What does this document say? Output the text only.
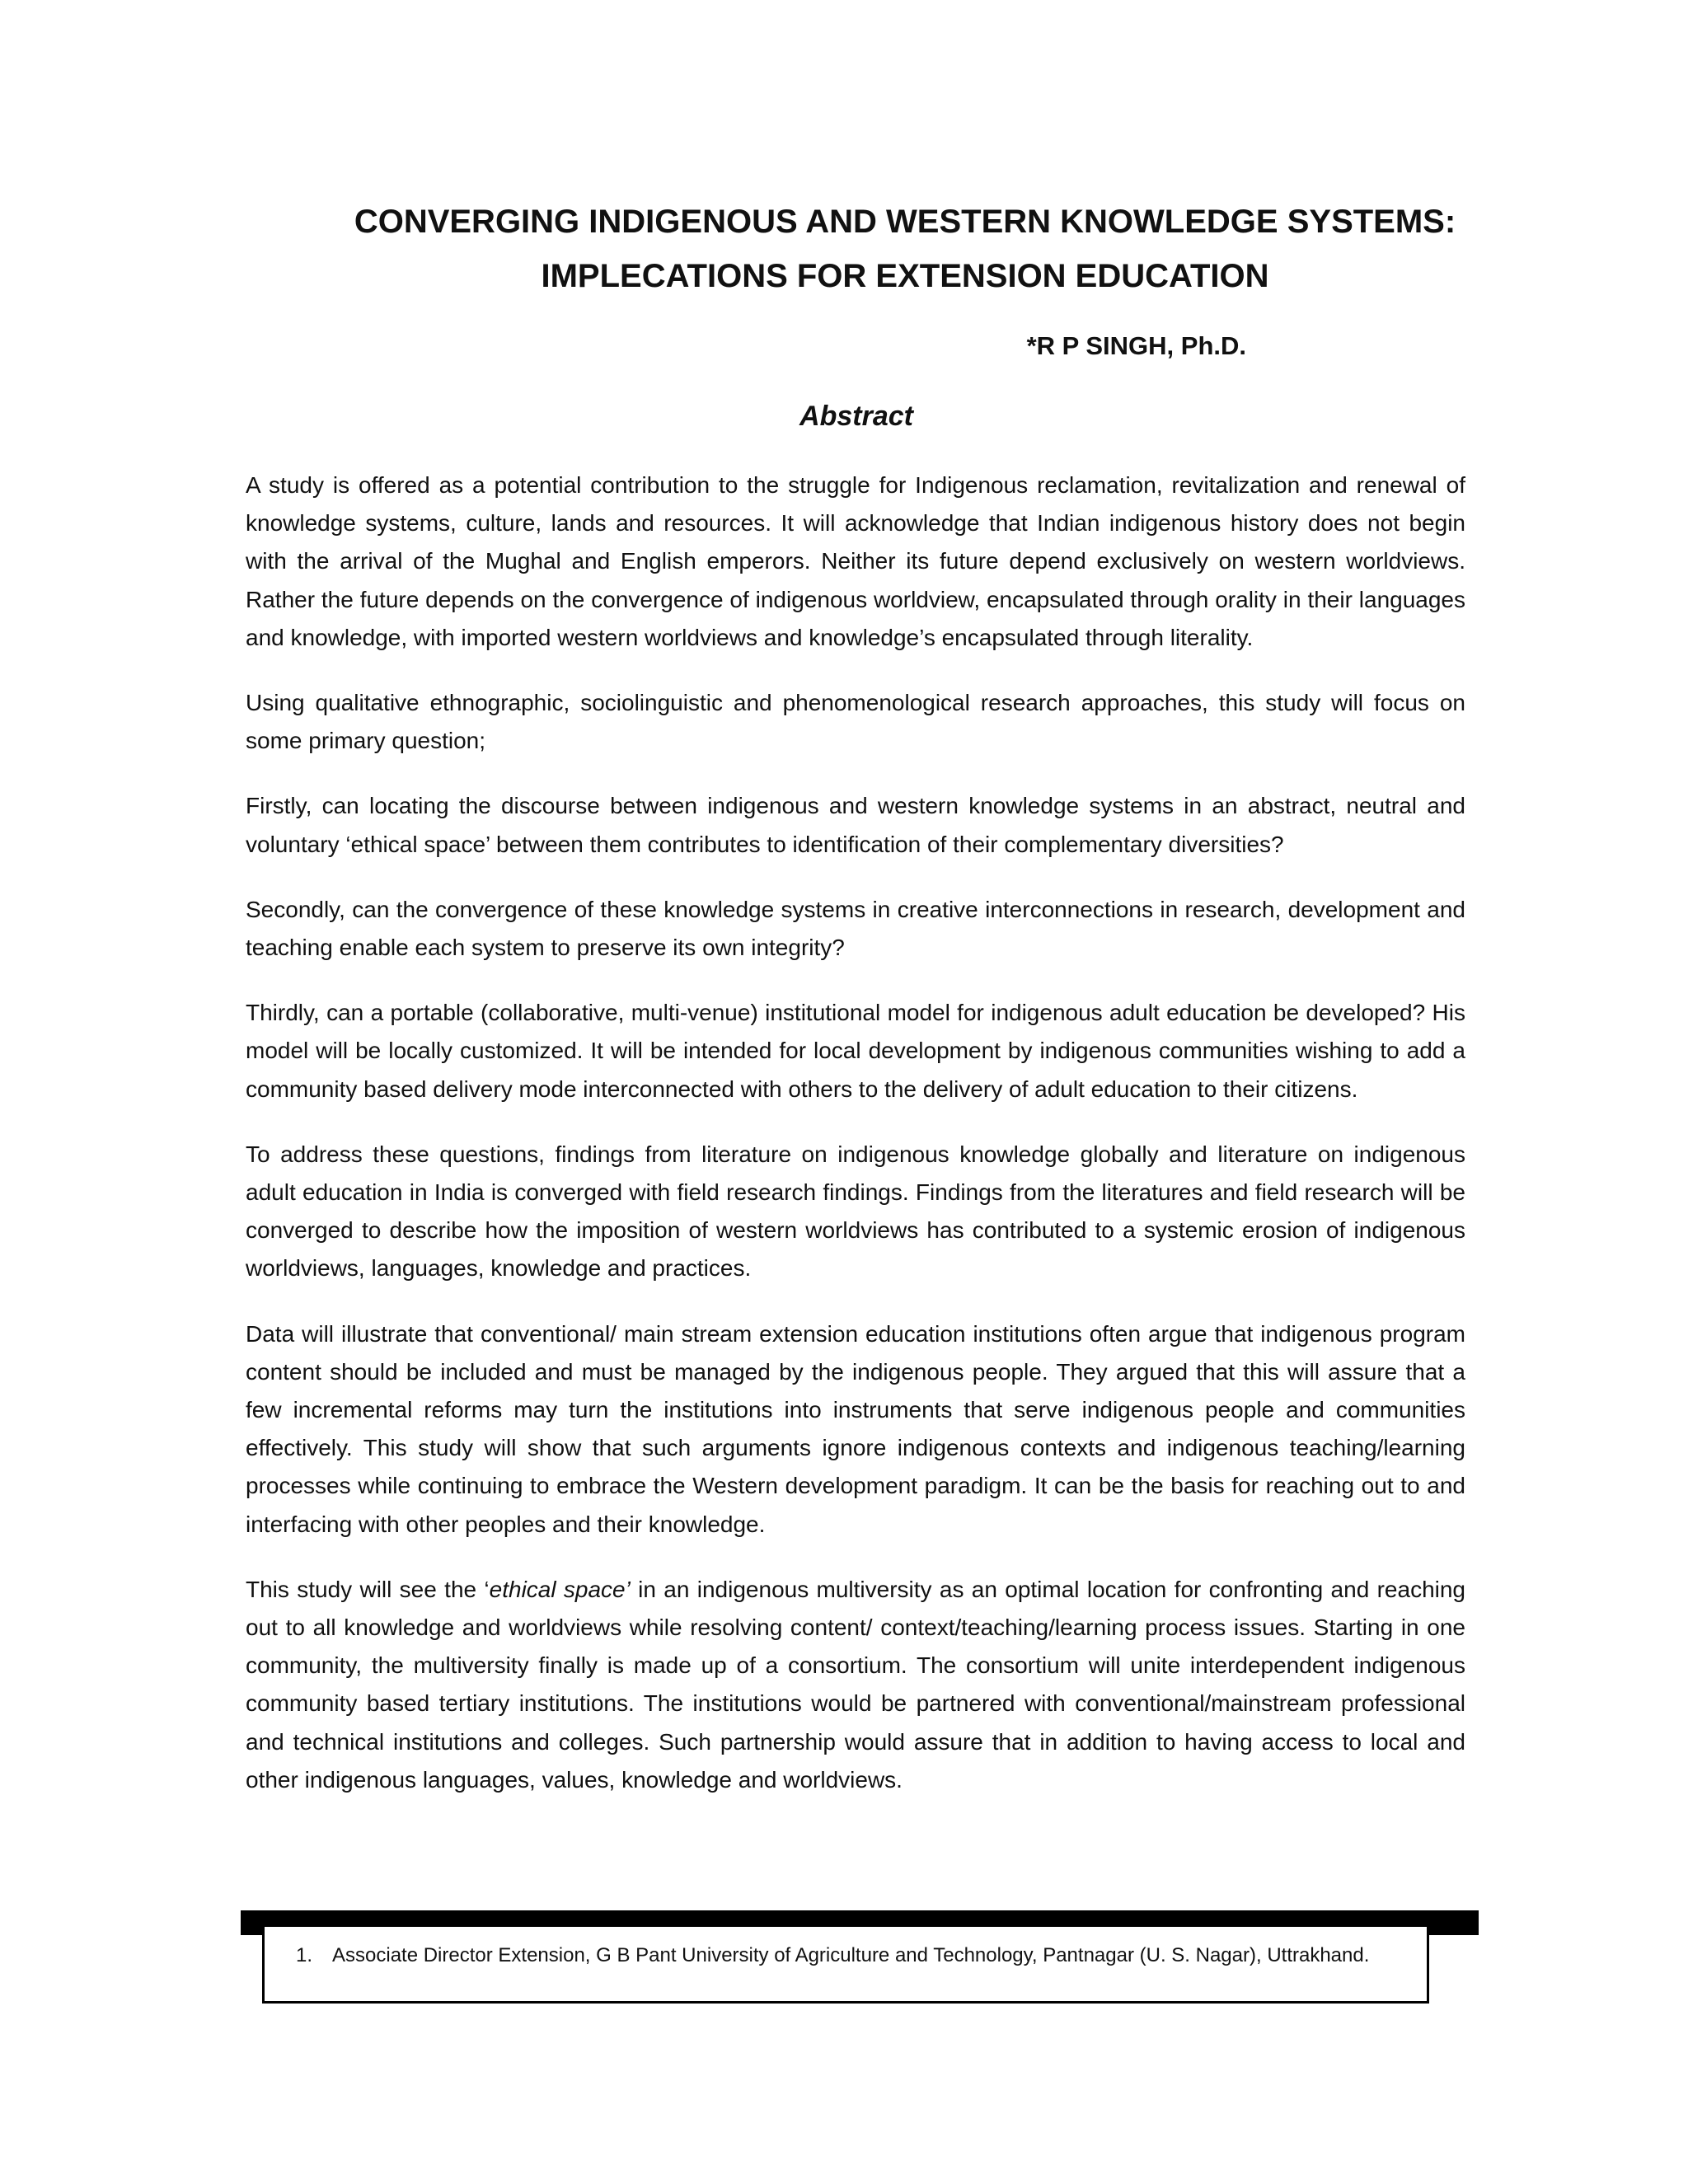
CONVERGING INDIGENOUS AND WESTERN KNOWLEDGE SYSTEMS:
IMPLECATIONS FOR EXTENSION EDUCATION

*R P SINGH, Ph.D.

Abstract

A study is offered as a potential contribution to the struggle for Indigenous reclamation, revitalization and renewal of knowledge systems, culture, lands and resources. It will acknowledge that Indian indigenous history does not begin with the arrival of the Mughal and English emperors. Neither its future depend exclusively on western worldviews. Rather the future depends on the convergence of indigenous worldview, encapsulated through orality in their languages and knowledge, with imported western worldviews and knowledge’s encapsulated through literality.

Using qualitative ethnographic, sociolinguistic and phenomenological research approaches, this study will focus on some primary question;

Firstly, can locating the discourse between indigenous and western knowledge systems in an abstract, neutral and voluntary ‘ethical space’ between them contributes to identification of their complementary diversities?

Secondly, can the convergence of these knowledge systems in creative interconnections in research, development and teaching enable each system to preserve its own integrity?

Thirdly, can a portable (collaborative, multi-venue) institutional model for indigenous adult education be developed? His model will be locally customized. It will be intended for local development by indigenous communities wishing to add a community based delivery mode interconnected with others to the delivery of adult education to their citizens.

To address these questions, findings from literature on indigenous knowledge globally and literature on indigenous adult education in India is converged with field research findings. Findings from the literatures and field research will be converged to describe how the imposition of western worldviews has contributed to a systemic erosion of indigenous worldviews, languages, knowledge and practices.

Data will illustrate that conventional/ main stream extension education institutions often argue that indigenous program content should be included and must be managed by the indigenous people. They argued that this will assure that a few incremental reforms may turn the institutions into instruments that serve indigenous people and communities effectively. This study will show that such arguments ignore indigenous contexts and indigenous teaching/learning processes while continuing to embrace the Western development paradigm. It can be the basis for reaching out to and interfacing with other peoples and their knowledge.

This study will see the ‘ethical space’ in an indigenous multiversity as an optimal location for confronting and reaching out to all knowledge and worldviews while resolving content/ context/teaching/learning process issues. Starting in one community, the multiversity finally is made up of a consortium. The consortium will unite interdependent indigenous community based tertiary institutions. The institutions would be partnered with conventional/mainstream professional and technical institutions and colleges. Such partnership would assure that in addition to having access to local and other indigenous languages, values, knowledge and worldviews.

1. Associate Director Extension, G B Pant University of Agriculture and Technology, Pantnagar (U. S. Nagar), Uttrakhand.
